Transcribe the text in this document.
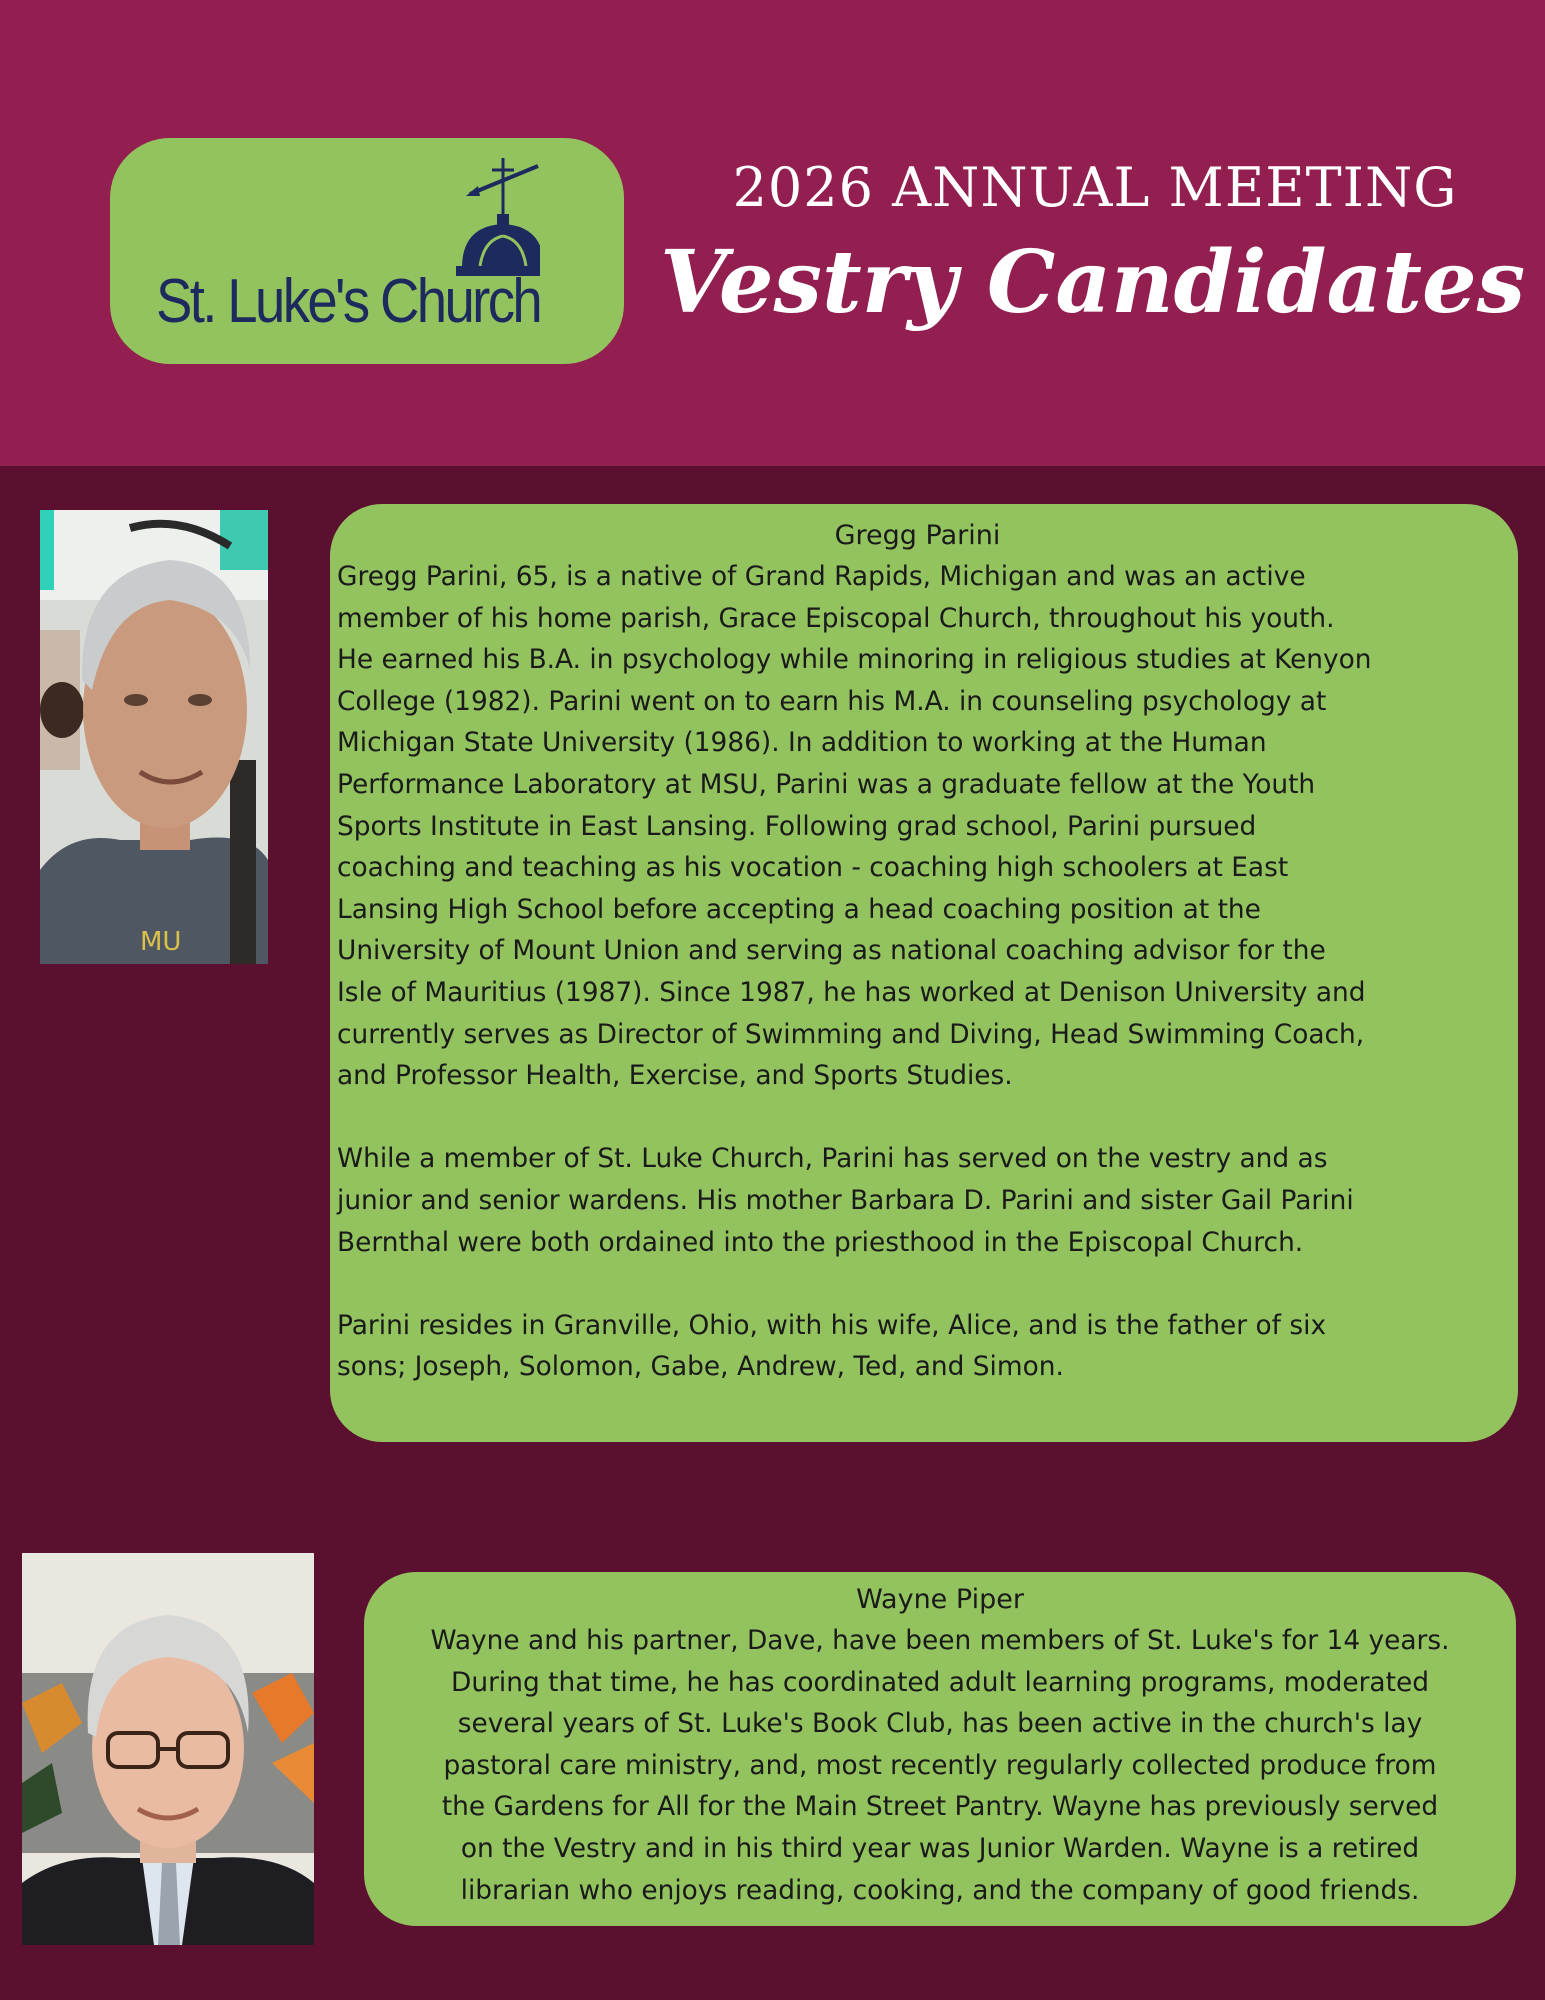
St. Luke's Church
2026 ANNUAL MEETING
Vestry Candidates
MU
Gregg Parini

Gregg Parini, 65, is a native of Grand Rapids, Michigan and was an active
member of his home parish, Grace Episcopal Church, throughout his youth.
He earned his B.A. in psychology while minoring in religious studies at Kenyon
College (1982). Parini went on to earn his M.A. in counseling psychology at
Michigan State University (1986). In addition to working at the Human
Performance Laboratory at MSU, Parini was a graduate fellow at the Youth
Sports Institute in East Lansing. Following grad school, Parini pursued
coaching and teaching as his vocation - coaching high schoolers at East
Lansing High School before accepting a head coaching position at the
University of Mount Union and serving as national coaching advisor for the
Isle of Mauritius (1987). Since 1987, he has worked at Denison University and
currently serves as Director of Swimming and Diving, Head Swimming Coach,
and Professor Health, Exercise, and Sports Studies.

While a member of St. Luke Church, Parini has served on the vestry and as
junior and senior wardens. His mother Barbara D. Parini and sister Gail Parini
Bernthal were both ordained into the priesthood in the Episcopal Church.

Parini resides in Granville, Ohio, with his wife, Alice, and is the father of six
sons; Joseph, Solomon, Gabe, Andrew, Ted, and Simon.

Wayne Piper

Wayne and his partner, Dave, have been members of St. Luke's for 14 years.
During that time, he has coordinated adult learning programs, moderated
several years of St. Luke's Book Club, has been active in the church's lay
pastoral care ministry, and, most recently regularly collected produce from
the Gardens for All for the Main Street Pantry. Wayne has previously served
on the Vestry and in his third year was Junior Warden. Wayne is a retired
librarian who enjoys reading, cooking, and the company of good friends.
